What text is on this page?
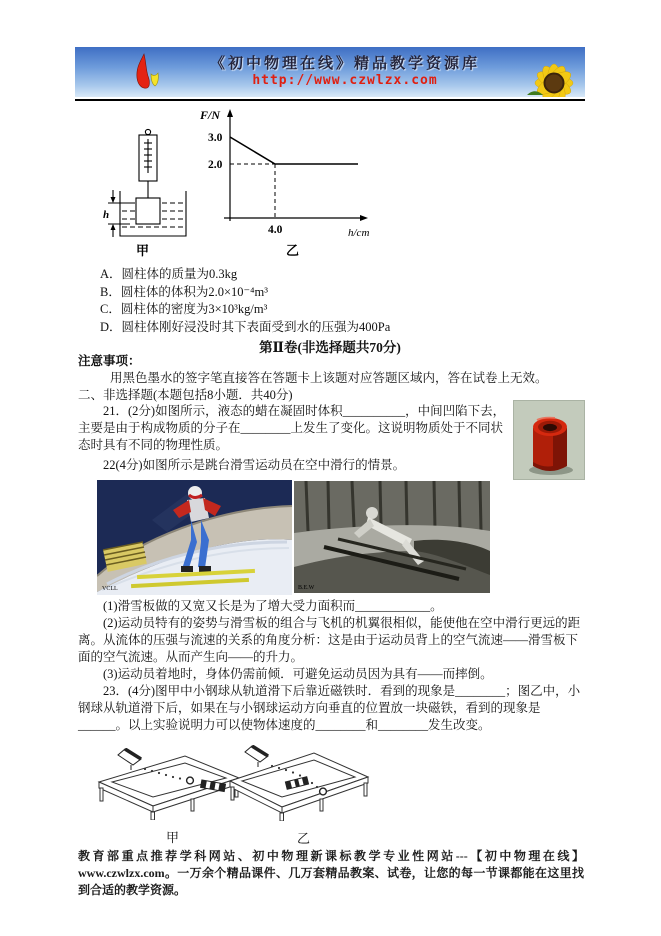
《初中物理在线》精品教学资源库
http://www.czwlzx.com
h
甲
F/N
3.0
2.0
4.0	h/cm
乙
A．圆柱体的质量为0.3kg
B．圆柱体的体积为2.0×10⁻⁴m³
C．圆柱体的密度为3×10³kg/m³
D．圆柱体刚好浸没时其下表面受到水的压强为400Pa
第Ⅱ卷(非选择题共70分)
注意事项：
用黑色墨水的签字笔直接答在答题卡上该题对应答题区域内，答在试卷上无效。
二、非选择题(本题包括8小题．共40分)
21．(2分)如图所示，液态的蜡在凝固时体积__________，中间凹陷下去，主要是由于构成物质的分子在________上发生了变化。这说明物质处于不同状态时具有不同的物理性质。
22(4分)如图所示是跳台滑雪运动员在空中滑行的情景。
VCLL	B.E.W
(1)滑雪板做的又宽又长是为了增大受力面积而____________。
(2)运动员特有的姿势与滑雪板的组合与飞机的机翼很相似，能使他在空中滑行更远的距离。从流体的压强与流速的关系的角度分析：这是由于运动员背上的空气流速——滑雪板下面的空气流速。从而产生向——的升力。
(3)运动员着地时，身体仍需前倾．可避免运动员因为具有——而摔倒。
23．(4分)图甲中小钢球从轨道滑下后靠近磁铁时．看到的现象是________；图乙中，小钢球从轨道滑下后，如果在与小钢球运动方向垂直的位置放一块磁铁，看到的现象是______。以上实验说明力可以使物体速度的________和________发生改变。
甲	乙
教育部重点推荐学科网站、初中物理新课标教学专业性网站---【初中物理在线】www.czwlzx.com。一万余个精品课件、几万套精品教案、试卷，让您的每一节课都能在这里找到合适的教学资源。
